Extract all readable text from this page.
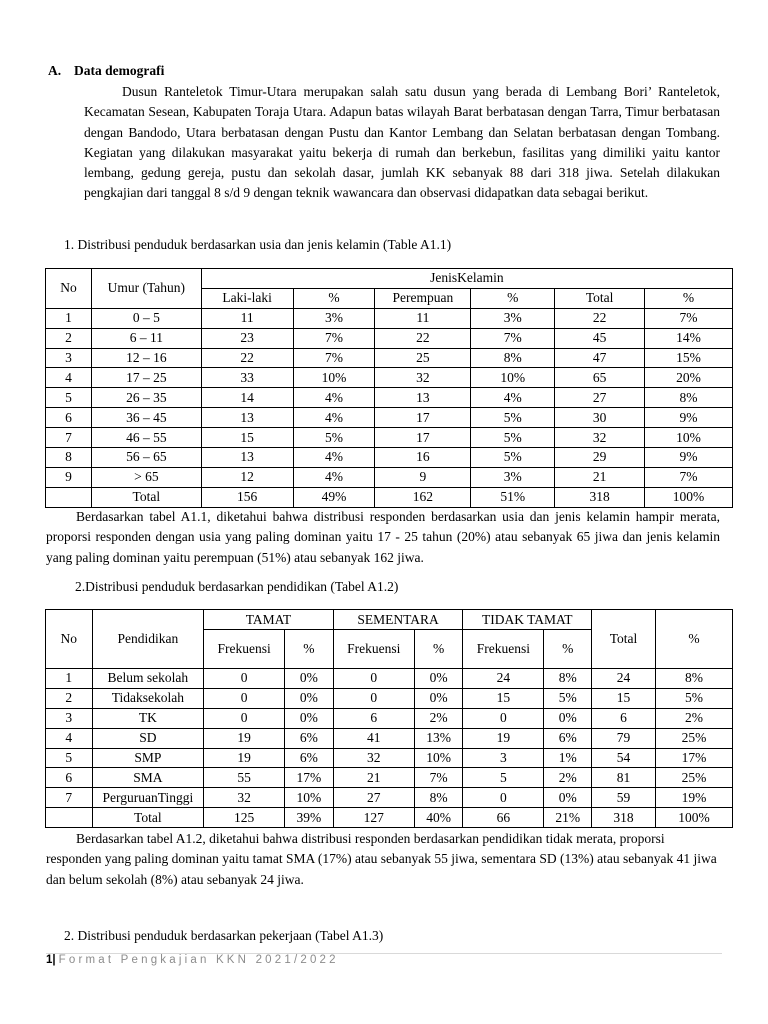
A. Data demografi
Dusun Ranteletok Timur-Utara merupakan salah satu dusun yang berada di Lembang Bori’ Ranteletok, Kecamatan Sesean, Kabupaten Toraja Utara. Adapun batas wilayah Barat berbatasan dengan Tarra, Timur berbatasan dengan Bandodo, Utara berbatasan dengan Pustu dan Kantor Lembang dan Selatan berbatasan dengan Tombang. Kegiatan yang dilakukan masyarakat yaitu bekerja di rumah dan berkebun, fasilitas yang dimiliki yaitu kantor lembang, gedung gereja, pustu dan sekolah dasar, jumlah KK sebanyak 88 dari 318 jiwa. Setelah dilakukan pengkajian dari tanggal 8 s/d 9 dengan teknik wawancara dan observasi didapatkan data sebagai berikut.
1. Distribusi penduduk berdasarkan usia dan jenis kelamin (Table A1.1)
No	Umur (Tahun)	JenisKelamin					
		Laki-laki	%	Perempuan	%	Total	%
1	0 – 5	11	3%	11	3%	22	7%
2	6 – 11	23	7%	22	7%	45	14%
3	12 – 16	22	7%	25	8%	47	15%
4	17 – 25	33	10%	32	10%	65	20%
5	26 – 35	14	4%	13	4%	27	8%
6	36 – 45	13	4%	17	5%	30	9%
7	46 – 55	15	5%	17	5%	32	10%
8	56 – 65	13	4%	16	5%	29	9%
9	> 65	12	4%	9	3%	21	7%
	Total	156	49%	162	51%	318	100%
Berdasarkan tabel A1.1, diketahui bahwa distribusi responden berdasarkan usia dan jenis kelamin hampir merata, proporsi responden dengan usia yang paling dominan yaitu 17 - 25 tahun (20%) atau sebanyak 65 jiwa dan jenis kelamin yang paling dominan yaitu perempuan (51%) atau sebanyak 162 jiwa.
2.Distribusi penduduk berdasarkan pendidikan (Tabel A1.2)
No	Pendidikan	TAMAT		SEMENTARA		TIDAK TAMAT		Total	%
		Frekuensi	%	Frekuensi	%	Frekuensi	%		
1	Belum sekolah	0	0%	0	0%	24	8%	24	8%
2	Tidaksekolah	0	0%	0	0%	15	5%	15	5%
3	TK	0	0%	6	2%	0	0%	6	2%
4	SD	19	6%	41	13%	19	6%	79	25%
5	SMP	19	6%	32	10%	3	1%	54	17%
6	SMA	55	17%	21	7%	5	2%	81	25%
7	PerguruanTinggi	32	10%	27	8%	0	0%	59	19%
	Total	125	39%	127	40%	66	21%	318	100%
Berdasarkan tabel A1.2, diketahui bahwa distribusi responden berdasarkan pendidikan tidak merata, proporsi responden yang paling dominan yaitu tamat SMA (17%) atau sebanyak 55 jiwa, sementara SD (13%) atau sebanyak 41 jiwa dan belum sekolah (8%) atau sebanyak 24 jiwa.
2. Distribusi penduduk berdasarkan pekerjaan (Tabel A1.3)
1| Format Pengkajian KKN 2021/2022
